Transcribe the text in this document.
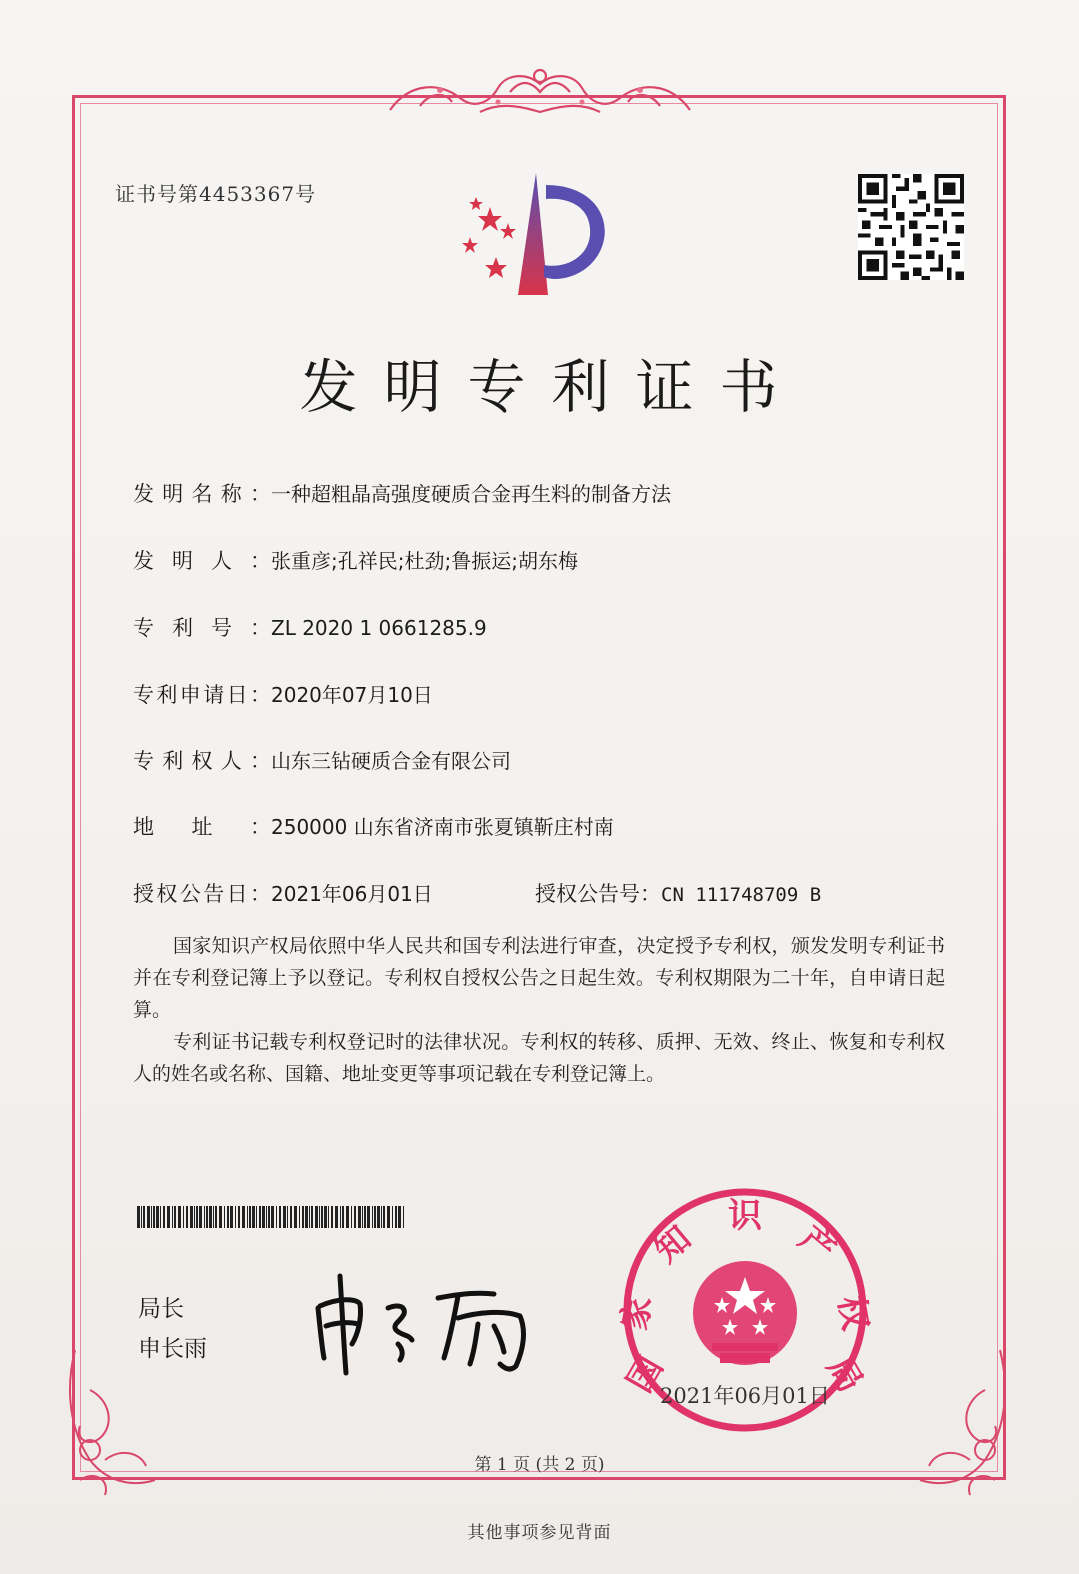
证书号第4453367号
发明专利证书
发明名称：一种超粗晶高强度硬质合金再生料的制备方法
发明人：张重彦;孔祥民;杜劲;鲁振运;胡东梅
专利号：ZL 2020 1 0661285.9
专利申请日：2020年07月10日
专利权人：山东三钻硬质合金有限公司
地址：250000 山东省济南市张夏镇靳庄村南
授权公告日：2021年06月01日	授权公告号：CN 111748709 B
国家知识产权局依照中华人民共和国专利法进行审查，决定授予专利权，颁发发明专利证书并在专利登记簿上予以登记。专利权自授权公告之日起生效。专利权期限为二十年，自申请日起算。
专利证书记载专利权登记时的法律状况。专利权的转移、质押、无效、终止、恢复和专利权人的姓名或名称、国籍、地址变更等事项记载在专利登记簿上。
局长
申长雨
国
家
知
识
产
权
局
2021年06月01日
第 1 页 (共 2 页)
其他事项参见背面
